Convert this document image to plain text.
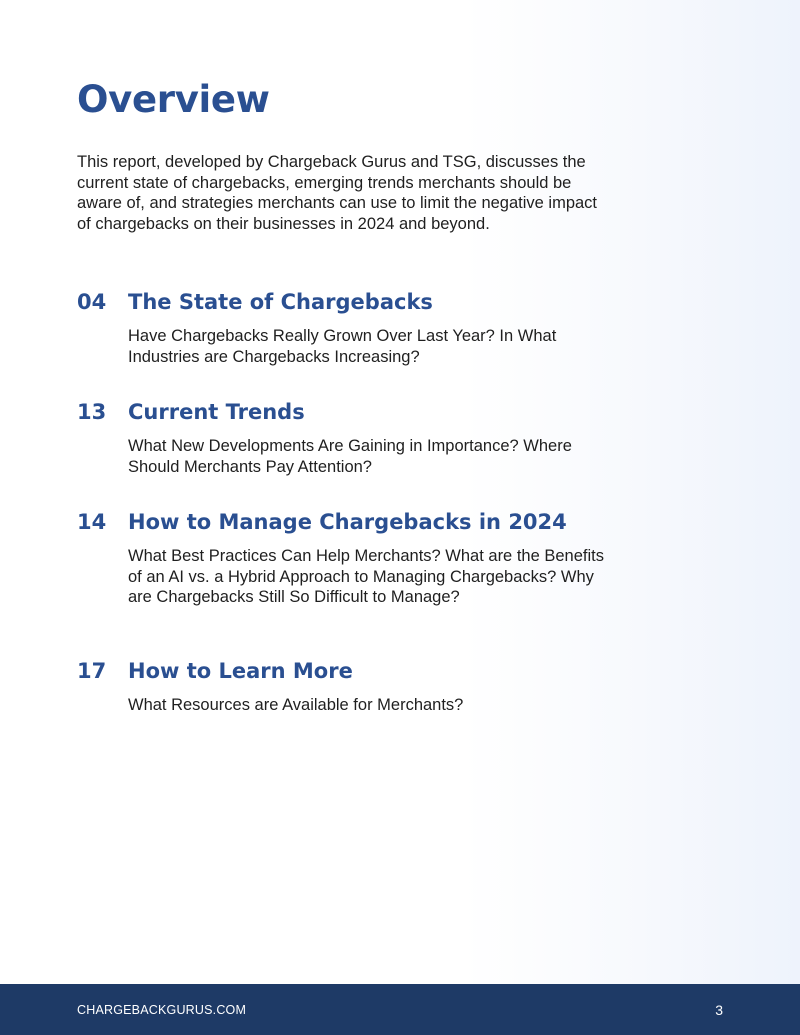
Overview

This report, developed by Chargeback Gurus and TSG, discusses the current state of chargebacks, emerging trends merchants should be aware of, and strategies merchants can use to limit the negative impact of chargebacks on their businesses in 2024 and beyond.

04 The State of Chargebacks

Have Chargebacks Really Grown Over Last Year? In What Industries are Chargebacks Increasing?

13 Current Trends

What New Developments Are Gaining in Importance? Where Should Merchants Pay Attention?

14 How to Manage Chargebacks in 2024

What Best Practices Can Help Merchants? What are the Benefits of an AI vs. a Hybrid Approach to Managing Chargebacks? Why are Chargebacks Still So Difficult to Manage?

17 How to Learn More

What Resources are Available for Merchants?

CHARGEBACKGURUS.COM	3
